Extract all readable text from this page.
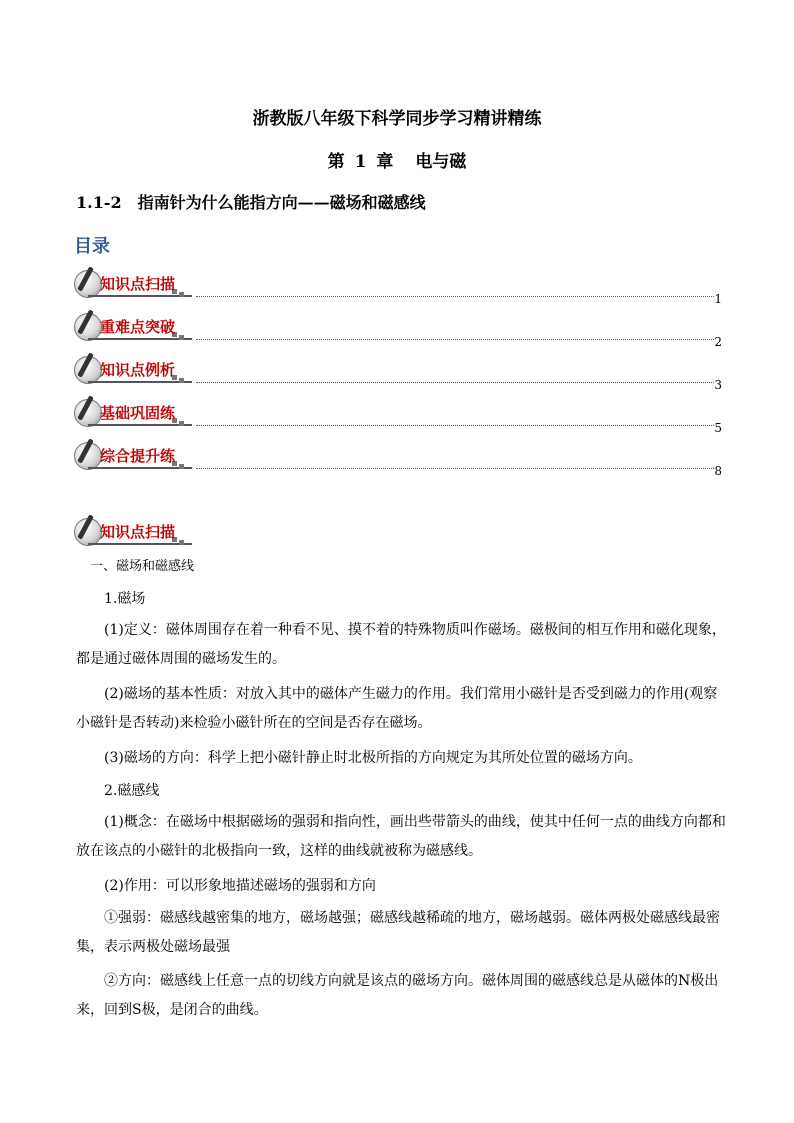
浙教版八年级下科学同步学习精讲精练
第 1 章 电与磁
1.1-2　指南针为什么能指方向——磁场和磁感线
目录
知识点扫描
1
重难点突破
2
知识点例析
3
基础巩固练
5
综合提升练
8
知识点扫描
一、磁场和磁感线
1.磁场
(1)定义：磁体周围存在着一种看不见、摸不着的特殊物质叫作磁场。磁极间的相互作用和磁化现象，都是通过磁体周围的磁场发生的。
(2)磁场的基本性质：对放入其中的磁体产生磁力的作用。我们常用小磁针是否受到磁力的作用(观察小磁针是否转动)来检验小磁针所在的空间是否存在磁场。
(3)磁场的方向：科学上把小磁针静止时北极所指的方向规定为其所处位置的磁场方向。
2.磁感线
(1)概念：在磁场中根据磁场的强弱和指向性，画出些带箭头的曲线，使其中任何一点的曲线方向都和放在该点的小磁针的北极指向一致，这样的曲线就被称为磁感线。
(2)作用：可以形象地描述磁场的强弱和方向
①强弱：磁感线越密集的地方，磁场越强；磁感线越稀疏的地方，磁场越弱。磁体两极处磁感线最密集，表示两极处磁场最强
②方向：磁感线上任意一点的切线方向就是该点的磁场方向。磁体周围的磁感线总是从磁体的N极出来，回到S极，是闭合的曲线。
